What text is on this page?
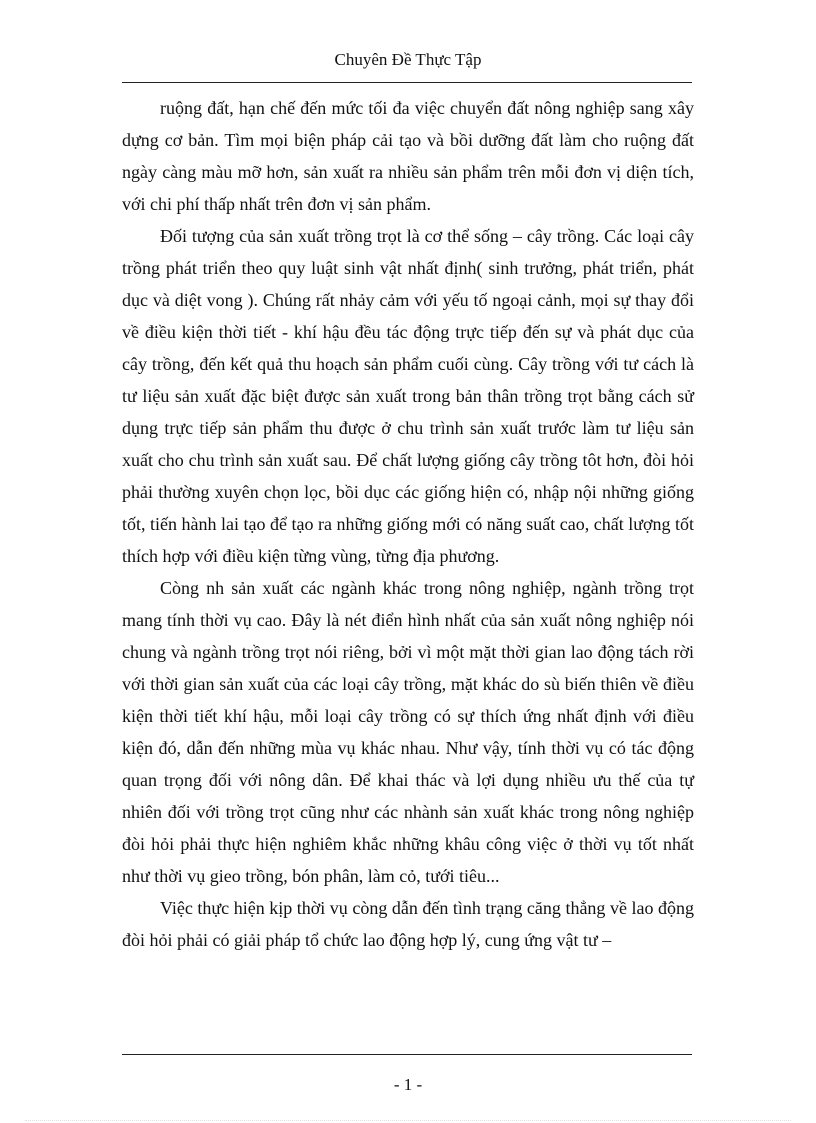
Chuyên Đề Thực Tập

ruộng đất, hạn chế đến mức tối đa việc chuyển đất nông nghiệp sang xây dựng cơ bản. Tìm mọi biện pháp cải tạo và bồi dưỡng đất làm cho ruộng đất ngày càng màu mỡ hơn, sản xuất ra nhiều sản phẩm trên mỗi đơn vị diện tích, với chi phí thấp nhất trên đơn vị sản phẩm.

Đối tượng của sản xuất trồng trọt là cơ thể sống – cây trồng. Các loại cây trồng phát triển theo quy luật sinh vật nhất định( sinh trưởng, phát triển, phát dục và diệt vong ). Chúng rất nhảy cảm với yếu tố ngoại cảnh, mọi sự thay đổi về điều kiện thời tiết - khí hậu đều tác động trực tiếp đến sự và phát dục của cây trồng, đến kết quả thu hoạch sản phẩm cuối cùng. Cây trồng với tư cách là tư liệu sản xuất đặc biệt được sản xuất trong bản thân trồng trọt bằng cách sử dụng trực tiếp sản phẩm thu được ở chu trình sản xuất trước làm tư liệu sản xuất cho chu trình sản xuất sau. Để chất lượng giống cây trồng tôt hơn, đòi hỏi phải thường xuyên chọn lọc, bồi dục các giống hiện có, nhập nội những giống tốt, tiến hành lai tạo để tạo ra những giống mới có năng suất cao, chất lượng tốt thích hợp với điều kiện từng vùng, từng địa phương.

Còng nh sản xuất các ngành khác trong nông nghiệp, ngành trồng trọt mang tính thời vụ cao. Đây là nét điển hình nhất của sản xuất nông nghiệp nói chung và ngành trồng trọt nói riêng, bởi vì một mặt thời gian lao động tách rời với thời gian sản xuất của các loại cây trồng, mặt khác do sù biến thiên về điều kiện thời tiết khí hậu, mỗi loại cây trồng có sự thích ứng nhất định với điều kiện đó, dẫn đến những mùa vụ khác nhau. Như vậy, tính thời vụ có tác động quan trọng đối với nông dân. Để khai thác và lợi dụng nhiều ưu thế của tự nhiên đối với trồng trọt cũng như các nhành sản xuất khác trong nông nghiệp đòi hỏi phải thực hiện nghiêm khắc những khâu công việc ở thời vụ tốt nhất như thời vụ gieo trồng, bón phân, làm cỏ, tưới tiêu...

Việc thực hiện kịp thời vụ còng dẫn đến tình trạng căng thẳng về lao động đòi hỏi phải có giải pháp tổ chức lao động hợp lý, cung ứng vật tư –

- 1 -
